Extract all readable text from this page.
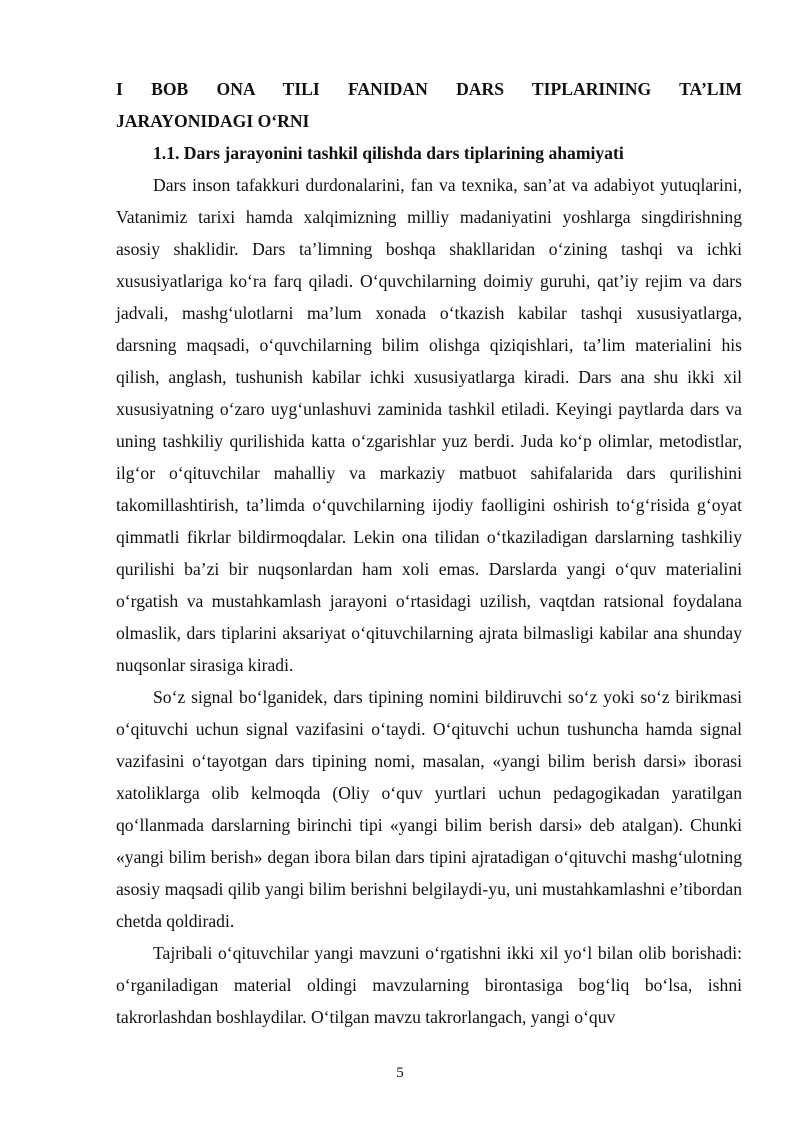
I BOB ONA TILI FANIDAN DARS TIPLARINING TA’LIM
JARAYONIDAGI O‘RNI
1.1. Dars jarayonini tashkil qilishda dars tiplarining ahamiyati

Dars inson tafakkuri durdonalarini, fan va texnika, san’at va adabiyot yutuqlarini, Vatanimiz tarixi hamda xalqimizning milliy madaniyatini yoshlarga singdirishning asosiy shaklidir. Dars ta’limning boshqa shakllaridan o‘zining tashqi va ichki xususiyatlariga ko‘ra farq qiladi. O‘quvchilarning doimiy guruhi, qat’iy rejim va dars jadvali, mashg‘ulotlarni ma’lum xonada o‘tkazish kabilar tashqi xususiyatlarga, darsning maqsadi, o‘quvchilarning bilim olishga qiziqishlari, ta’lim materialini his qilish, anglash, tushunish kabilar ichki xususiyatlarga kiradi. Dars ana shu ikki xil xususiyatning o‘zaro uyg‘unlashuvi zaminida tashkil etiladi. Keyingi paytlarda dars va uning tashkiliy qurilishida katta o‘zgarishlar yuz berdi. Juda ko‘p olimlar, metodistlar, ilg‘or o‘qituvchilar mahalliy va markaziy matbuot sahifalarida dars qurilishini takomillashtirish, ta’limda o‘quvchilarning ijodiy faolligini oshirish to‘g‘risida g‘oyat qimmatli fikrlar bildirmoqdalar. Lekin ona tilidan o‘tkaziladigan darslarning tashkiliy qurilishi ba’zi bir nuqsonlardan ham xoli emas. Darslarda yangi o‘quv materialini o‘rgatish va mustahkamlash jarayoni o‘rtasidagi uzilish, vaqtdan ratsional foydalana olmaslik, dars tiplarini aksariyat o‘qituvchilarning ajrata bilmasligi kabilar ana shunday nuqsonlar sirasiga kiradi.

So‘z signal bo‘lganidek, dars tipining nomini bildiruvchi so‘z yoki so‘z birikmasi o‘qituvchi uchun signal vazifasini o‘taydi. O‘qituvchi uchun tushuncha hamda signal vazifasini o‘tayotgan dars tipining nomi, masalan, «yangi bilim berish darsi» iborasi xatoliklarga olib kelmoqda (Oliy o‘quv yurtlari uchun pedagogikadan yaratilgan qo‘llanmada darslarning birinchi tipi «yangi bilim berish darsi» deb atalgan). Chunki «yangi bilim berish» degan ibora bilan dars tipini ajratadigan o‘qituvchi mashg‘ulotning asosiy maqsadi qilib yangi bilim berishni belgilaydi-yu, uni mustahkamlashni e’tibordan chetda qoldiradi.

Tajribali o‘qituvchilar yangi mavzuni o‘rgatishni ikki xil yo‘l bilan olib borishadi: o‘rganiladigan material oldingi mavzularning birontasiga bog‘liq bo‘lsa, ishni takrorlashdan boshlaydilar. O‘tilgan mavzu takrorlangach, yangi o‘quv

5
